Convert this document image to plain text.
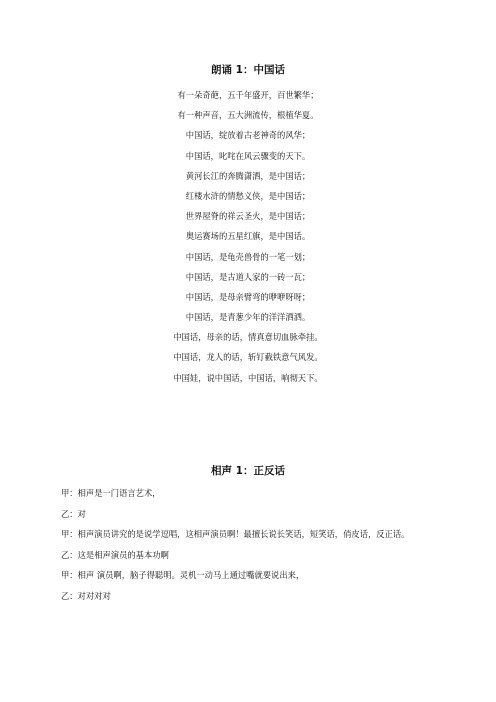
朗诵 1：中国话
有一朵奇葩，五千年盛开，百世繁华；
有一种声音，五大洲流传，根植华夏。
中国话，绽放着古老神奇的风华；
中国话，叱咤在风云骤变的天下。
黄河长江的奔腾潇洒，是中国话；
红楼水浒的情愁义侠，是中国话；
世界屋脊的祥云圣火，是中国话；
奥运赛场的五星红旗，是中国话。
中国话，是龟壳兽骨的一笔一划；
中国话，是古道人家的一砖一瓦；
中国话，是母亲臂弯的咿咿呀呀；
中国话，是青葱少年的洋洋洒洒。
中国话，母亲的话，情真意切血脉牵挂。
中国话，龙人的话，斩钉截铁意气风发。
中国娃，说中国话，中国话，响彻天下。
相声 1：正反话
甲：相声是一门语言艺术，
乙：对
甲：相声演员讲究的是说学逗唱，这相声演员啊！最擅长说长笑话，短笑话，俏皮话，反正话。
乙：这是相声演员的基本功啊
甲：相声 演员啊，脑子得聪明。灵机一动马上通过嘴就要说出来，
乙：对对对对
